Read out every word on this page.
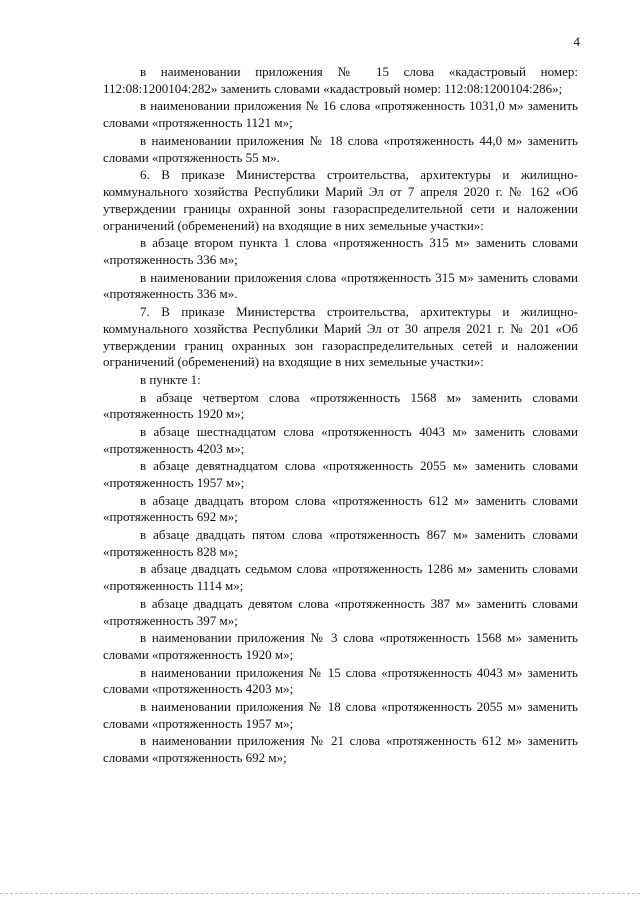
4

в наименовании приложения № 15 слова «кадастровый номер: 112:08:1200104:282» заменить словами «кадастровый номер: 112:08:1200104:286»;

в наименовании приложения № 16 слова «протяженность 1031,0 м» заменить словами «протяженность 1121 м»;

в наименовании приложения № 18 слова «протяженность 44,0 м» заменить словами «протяженность 55 м».

6. В приказе Министерства строительства, архитектуры и жилищно-коммунального хозяйства Республики Марий Эл от 7 апреля 2020 г. № 162 «Об утверждении границы охранной зоны газораспределительной сети и наложении ограничений (обременений) на входящие в них земельные участки»:

в абзаце втором пункта 1 слова «протяженность 315 м» заменить словами «протяженность 336 м»;

в наименовании приложения слова «протяженность 315 м» заменить словами «протяженность 336 м».

7. В приказе Министерства строительства, архитектуры и жилищно-коммунального хозяйства Республики Марий Эл от 30 апреля 2021 г. № 201 «Об утверждении границ охранных зон газораспределительных сетей и наложении ограничений (обременений) на входящие в них земельные участки»:

в пункте 1:

в абзаце четвертом слова «протяженность 1568 м» заменить словами «протяженность 1920 м»;

в абзаце шестнадцатом слова «протяженность 4043 м» заменить словами «протяженность 4203 м»;

в абзаце девятнадцатом слова «протяженность 2055 м» заменить словами «протяженность 1957 м»;

в абзаце двадцать втором слова «протяженность 612 м» заменить словами «протяженность 692 м»;

в абзаце двадцать пятом слова «протяженность 867 м» заменить словами «протяженность 828 м»;

в абзаце двадцать седьмом слова «протяженность 1286 м» заменить словами «протяженность 1114 м»;

в абзаце двадцать девятом слова «протяженность 387 м» заменить словами «протяженность 397 м»;

в наименовании приложения № 3 слова «протяженность 1568 м» заменить словами «протяженность 1920 м»;

в наименовании приложения № 15 слова «протяженность 4043 м» заменить словами «протяженность 4203 м»;

в наименовании приложения № 18 слова «протяженность 2055 м» заменить словами «протяженность 1957 м»;

в наименовании приложения № 21 слова «протяженность 612 м» заменить словами «протяженность 692 м»;
